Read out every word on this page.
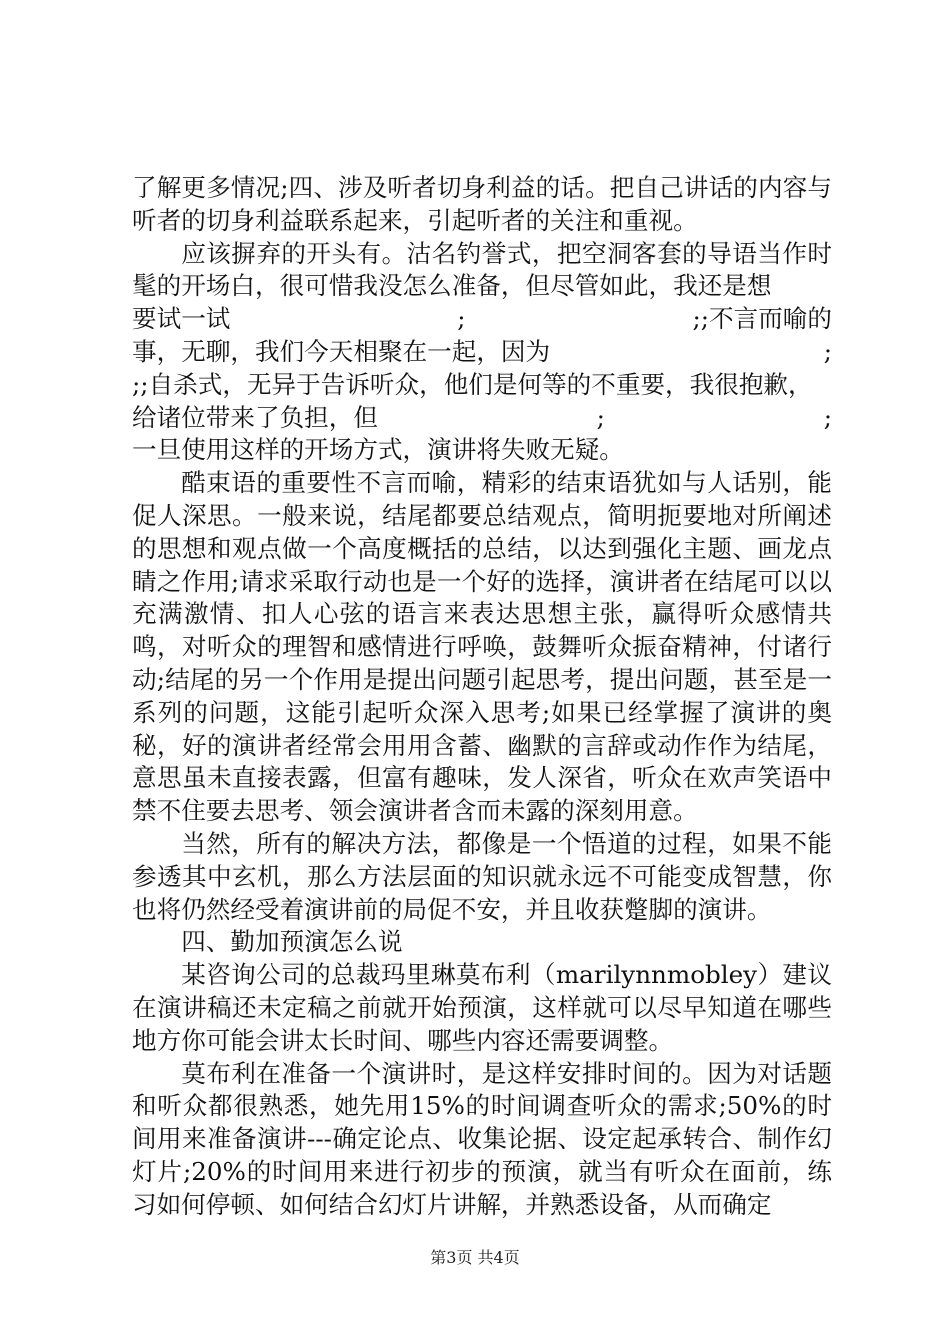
了解更多情况;四、涉及听者切身利益的话。把自己讲话的内容与听者的切身利益联系起来，引起听者的关注和重视。

应该摒弃的开头有。沽名钓誉式，把空洞客套的导语当作时髦的开场白，很可惜我没怎么准备，但尽管如此，我还是想

要试一试	;	;;不言而喻的
事，无聊，我们今天相聚在一起，因为	;

;;自杀式，无异于告诉听众，他们是何等的不重要，我很抱歉，

给诸位带来了负担，但	;	;

一旦使用这样的开场方式，演讲将失败无疑。

酷束语的重要性不言而喻，精彩的结束语犹如与人话别，能促人深思。一般来说，结尾都要总结观点，简明扼要地对所阐述的思想和观点做一个高度概括的总结，以达到强化主题、画龙点睛之作用;请求采取行动也是一个好的选择，演讲者在结尾可以以充满激情、扣人心弦的语言来表达思想主张，赢得听众感情共鸣，对听众的理智和感情进行呼唤，鼓舞听众振奋精神，付诸行动;结尾的另一个作用是提出问题引起思考，提出问题，甚至是一系列的问题，这能引起听众深入思考;如果已经掌握了演讲的奥秘，好的演讲者经常会用用含蓄、幽默的言辞或动作作为结尾，意思虽未直接表露，但富有趣味，发人深省，听众在欢声笑语中禁不住要去思考、领会演讲者含而未露的深刻用意。

当然，所有的解决方法，都像是一个悟道的过程，如果不能参透其中玄机，那么方法层面的知识就永远不可能变成智慧，你也将仍然经受着演讲前的局促不安，并且收获蹩脚的演讲。

四、勤加预演怎么说

某咨询公司的总裁玛里琳莫布利（marilynnmobley）建议在演讲稿还未定稿之前就开始预演，这样就可以尽早知道在哪些地方你可能会讲太长时间、哪些内容还需要调整。

莫布利在准备一个演讲时，是这样安排时间的。因为对话题和听众都很熟悉，她先用15%的时间调查听众的需求;50%的时间用来准备演讲---确定论点、收集论据、设定起承转合、制作幻灯片;20%的时间用来进行初步的预演，就当有听众在面前，练习如何停顿、如何结合幻灯片讲解，并熟悉设备，从而确定

第3页 共4页
